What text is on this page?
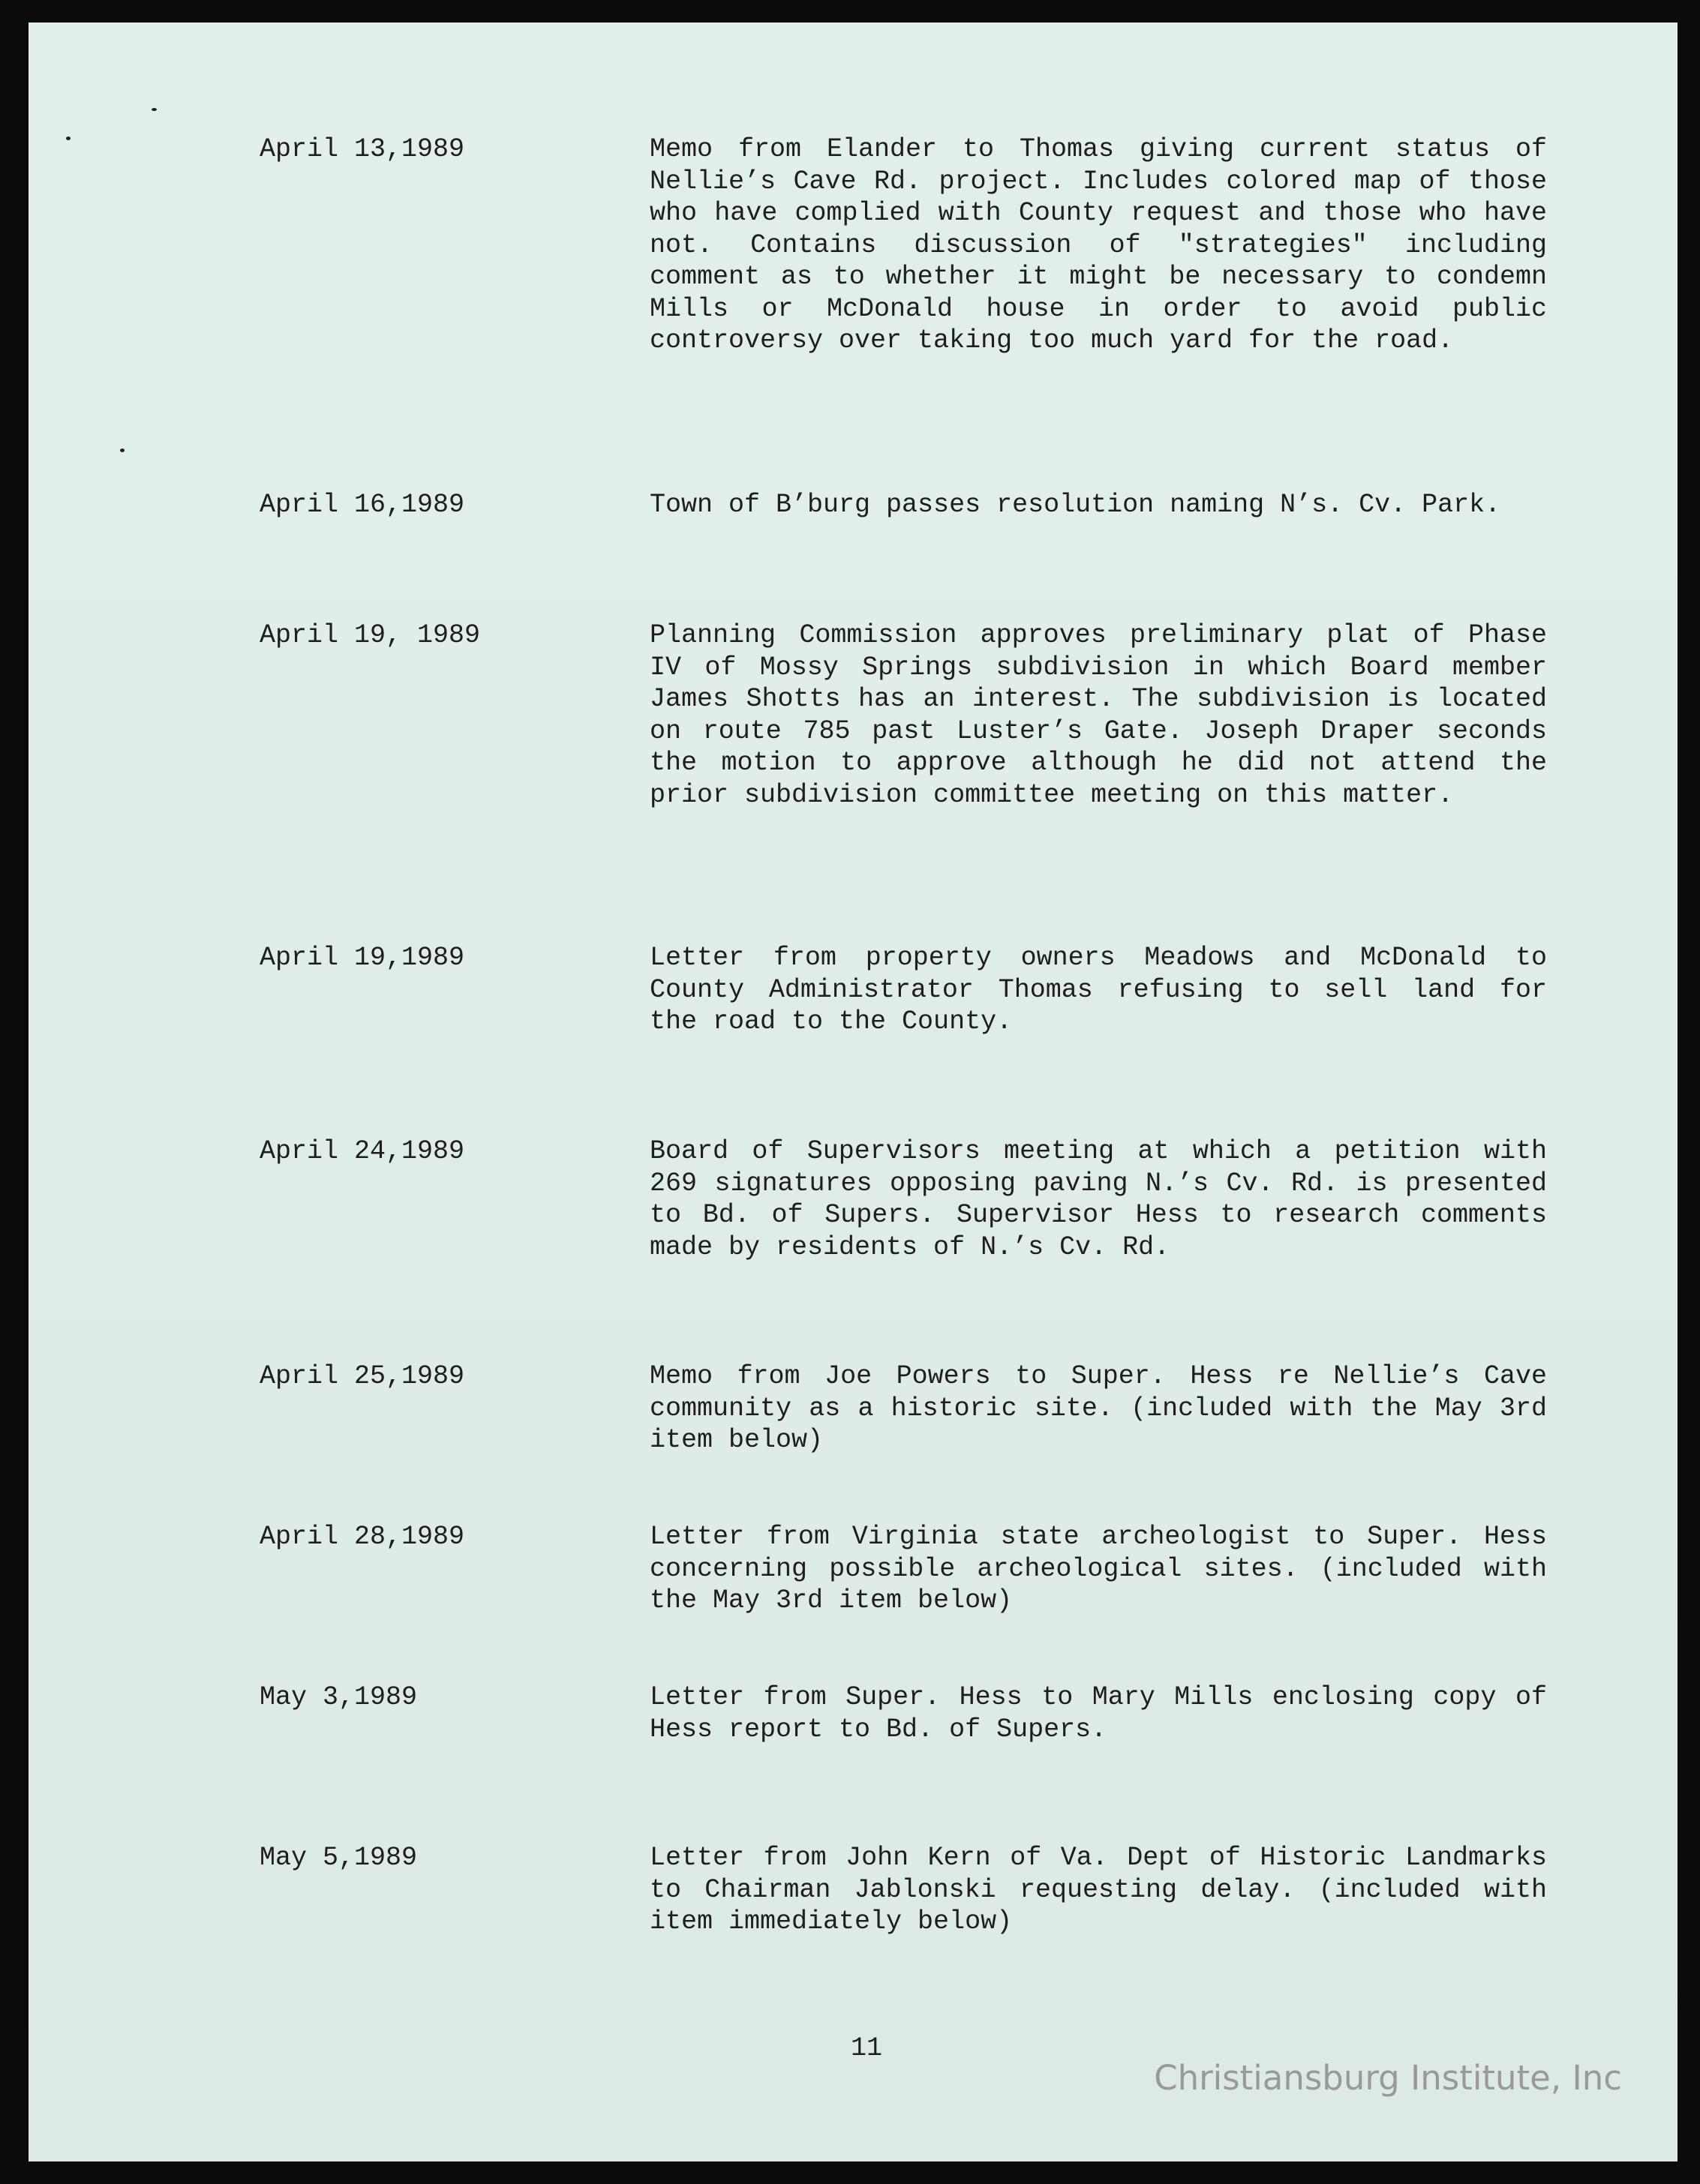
April 13,1989	Memo from Elander to Thomas giving current status of Nellie’s Cave Rd. project. Includes colored map of those who have complied with County request and those who have not. Contains discussion of "strategies" including comment as to whether it might be necessary to condemn Mills or McDonald house in order to avoid public controversy over taking too much yard for the road.

April 16,1989	Town of B’burg passes resolution naming N’s. Cv. Park.

April 19, 1989	Planning Commission approves preliminary plat of Phase IV of Mossy Springs subdivision in which Board member James Shotts has an interest. The subdivision is located on route 785 past Luster’s Gate. Joseph Draper seconds the motion to approve although he did not attend the prior subdivision committee meeting on this matter.

April 19,1989	Letter from property owners Meadows and McDonald to County Administrator Thomas refusing to sell land for the road to the County.

April 24,1989	Board of Supervisors meeting at which a petition with 269 signatures opposing paving N.’s Cv. Rd. is presented to Bd. of Supers. Supervisor Hess to research comments made by residents of N.’s Cv. Rd.

April 25,1989	Memo from Joe Powers to Super. Hess re Nellie’s Cave community as a historic site. (included with the May 3rd item below)

April 28,1989	Letter from Virginia state archeologist to Super. Hess concerning possible archeological sites. (included with the May 3rd item below)

May 3,1989	Letter from Super. Hess to Mary Mills enclosing copy of Hess report to Bd. of Supers.

May 5,1989	Letter from John Kern of Va. Dept of Historic Landmarks to Chairman Jablonski requesting delay. (included with item immediately below)

11
Christiansburg Institute, Inc
